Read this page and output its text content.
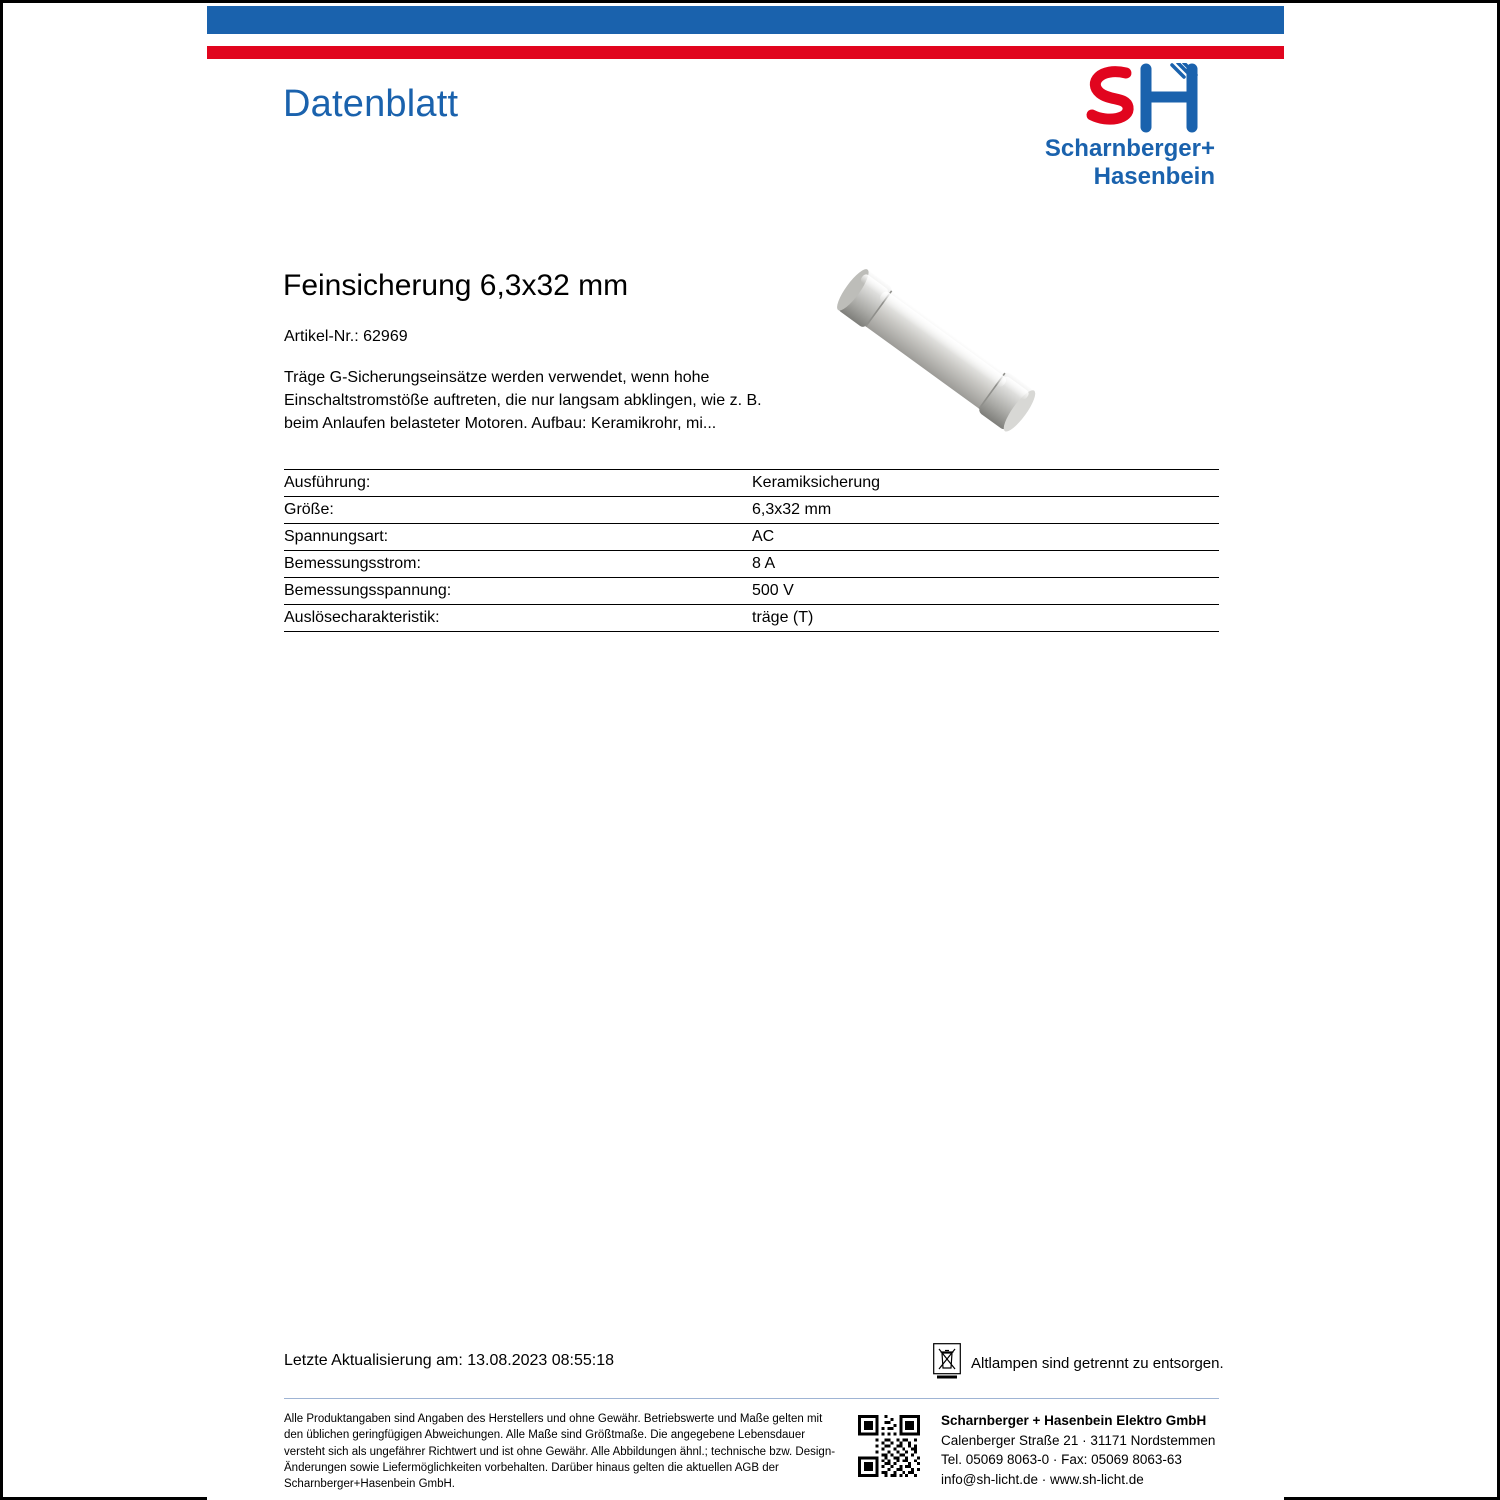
Datenblatt
Scharnberger+
Hasenbein
Feinsicherung 6,3x32 mm
Artikel-Nr.: 62969
Träge G-Sicherungseinsätze werden verwendet, wenn hohe Einschaltstromstöße auftreten, die nur langsam abklingen, wie z. B. beim Anlaufen belasteter Motoren. Aufbau: Keramikrohr, mi...
Ausführung:	Keramiksicherung
Größe:	6,3x32 mm
Spannungsart:	AC
Bemessungsstrom:	8 A
Bemessungsspannung:	500 V
Auslösecharakteristik:	träge (T)
Letzte Aktualisierung am: 13.08.2023 08:55:18	Altlampen sind getrennt zu entsorgen.
Alle Produktangaben sind Angaben des Herstellers und ohne Gewähr. Betriebswerte und Maße gelten mit den üblichen geringfügigen Abweichungen. Alle Maße sind Größtmaße. Die angegebene Lebensdauer versteht sich als ungefährer Richtwert und ist ohne Gewähr. Alle Abbildungen ähnl.; technische bzw. Design-Änderungen sowie Liefermöglichkeiten vorbehalten. Darüber hinaus gelten die aktuellen AGB der Scharnberger+Hasenbein GmbH.
Scharnberger + Hasenbein Elektro GmbH
Calenberger Straße 21 · 31171 Nordstemmen
Tel. 05069 8063-0 · Fax: 05069 8063-63
info@sh-licht.de · www.sh-licht.de
